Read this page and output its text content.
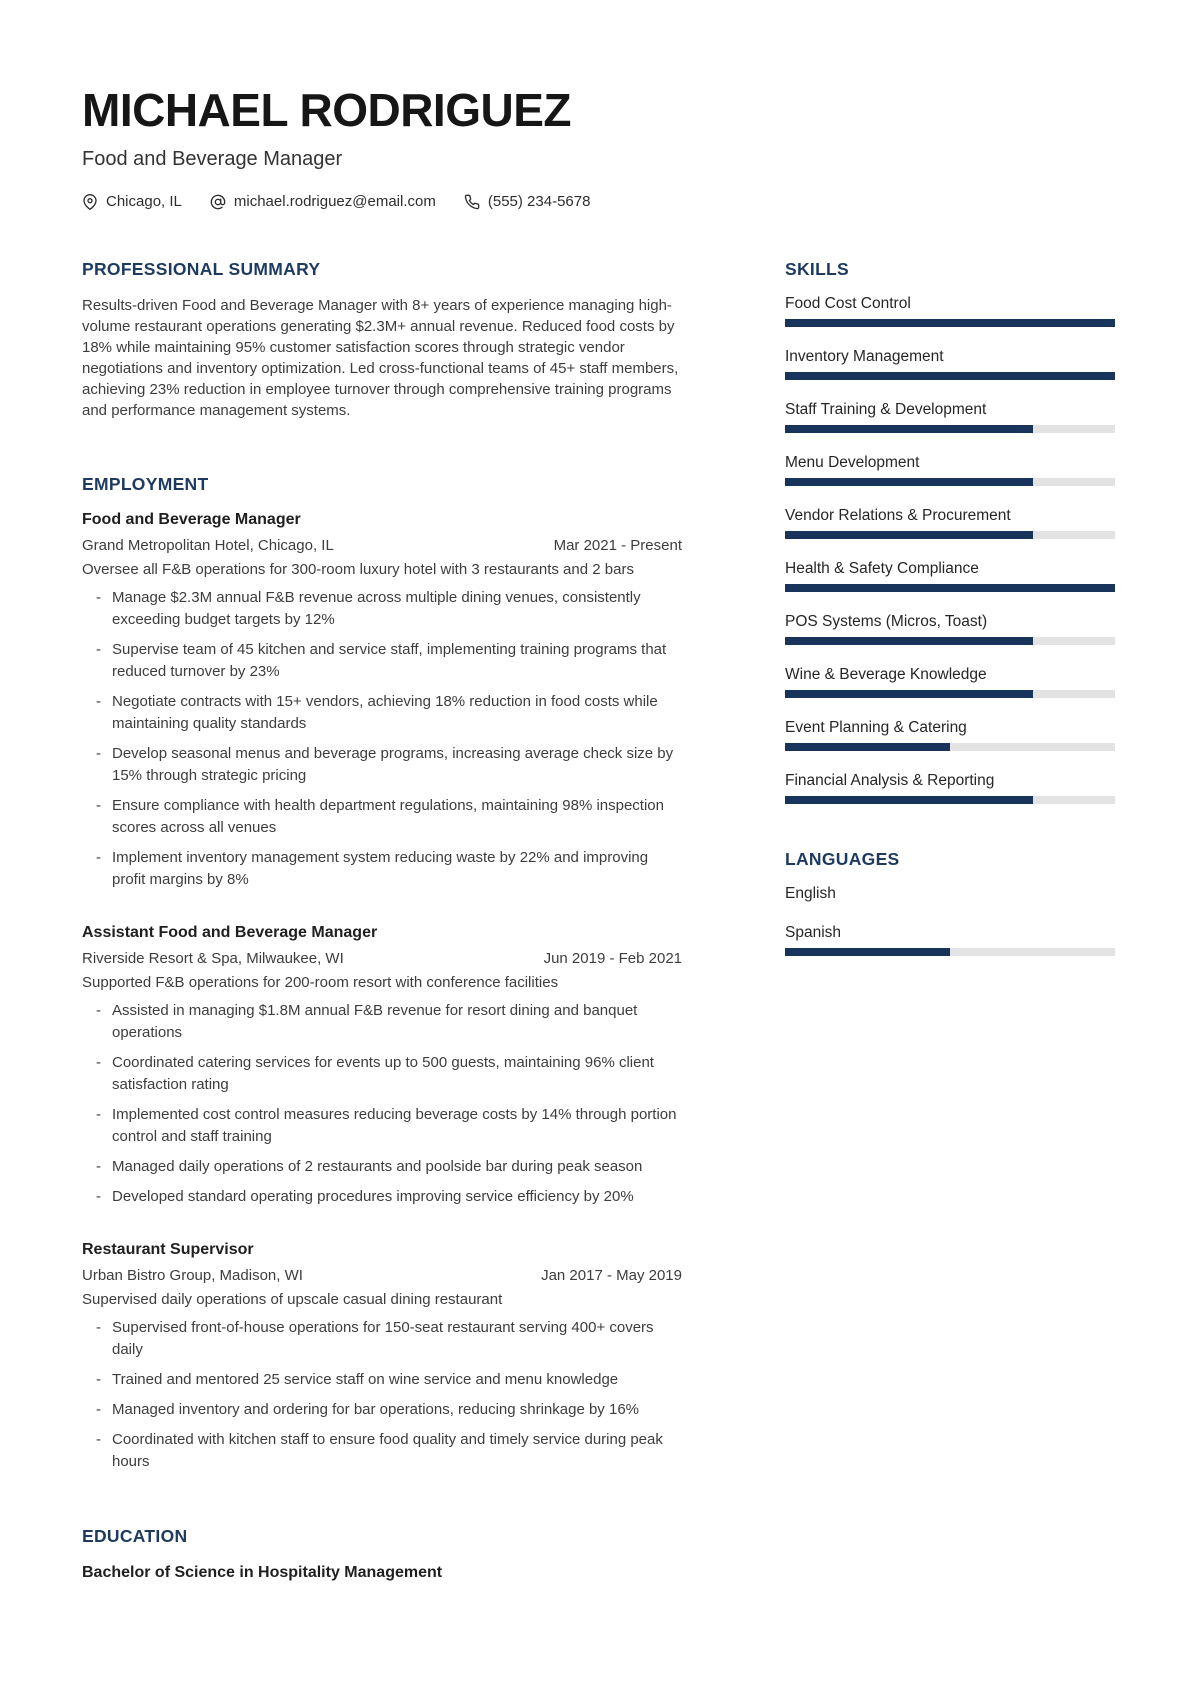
MICHAEL RODRIGUEZ
Food and Beverage Manager
Chicago, IL	michael.rodriguez@email.com	(555) 234-5678
PROFESSIONAL SUMMARY

Results-driven Food and Beverage Manager with 8+ years of experience managing high-volume restaurant operations generating $2.3M+ annual revenue. Reduced food costs by 18% while maintaining 95% customer satisfaction scores through strategic vendor negotiations and inventory optimization. Led cross-functional teams of 45+ staff members, achieving 23% reduction in employee turnover through comprehensive training programs and performance management systems.

EMPLOYMENT
Food and Beverage Manager
Grand Metropolitan Hotel, Chicago, IL	Mar 2021 - Present
Oversee all F&B operations for 300-room luxury hotel with 3 restaurants and 2 bars
- Manage $2.3M annual F&B revenue across multiple dining venues, consistently exceeding budget targets by 12%
- Supervise team of 45 kitchen and service staff, implementing training programs that reduced turnover by 23%
- Negotiate contracts with 15+ vendors, achieving 18% reduction in food costs while maintaining quality standards
- Develop seasonal menus and beverage programs, increasing average check size by 15% through strategic pricing
- Ensure compliance with health department regulations, maintaining 98% inspection scores across all venues
- Implement inventory management system reducing waste by 22% and improving profit margins by 8%
Assistant Food and Beverage Manager
Riverside Resort & Spa, Milwaukee, WI	Jun 2019 - Feb 2021
Supported F&B operations for 200-room resort with conference facilities
- Assisted in managing $1.8M annual F&B revenue for resort dining and banquet operations
- Coordinated catering services for events up to 500 guests, maintaining 96% client satisfaction rating
- Implemented cost control measures reducing beverage costs by 14% through portion control and staff training
- Managed daily operations of 2 restaurants and poolside bar during peak season
- Developed standard operating procedures improving service efficiency by 20%
Restaurant Supervisor
Urban Bistro Group, Madison, WI	Jan 2017 - May 2019
Supervised daily operations of upscale casual dining restaurant
- Supervised front-of-house operations for 150-seat restaurant serving 400+ covers daily
- Trained and mentored 25 service staff on wine service and menu knowledge
- Managed inventory and ordering for bar operations, reducing shrinkage by 16%
- Coordinated with kitchen staff to ensure food quality and timely service during peak hours
EDUCATION
Bachelor of Science in Hospitality Management
SKILLS
Food Cost Control
Inventory Management
Staff Training & Development
Menu Development
Vendor Relations & Procurement
Health & Safety Compliance
POS Systems (Micros, Toast)
Wine & Beverage Knowledge
Event Planning & Catering
Financial Analysis & Reporting
LANGUAGES
English
Spanish
